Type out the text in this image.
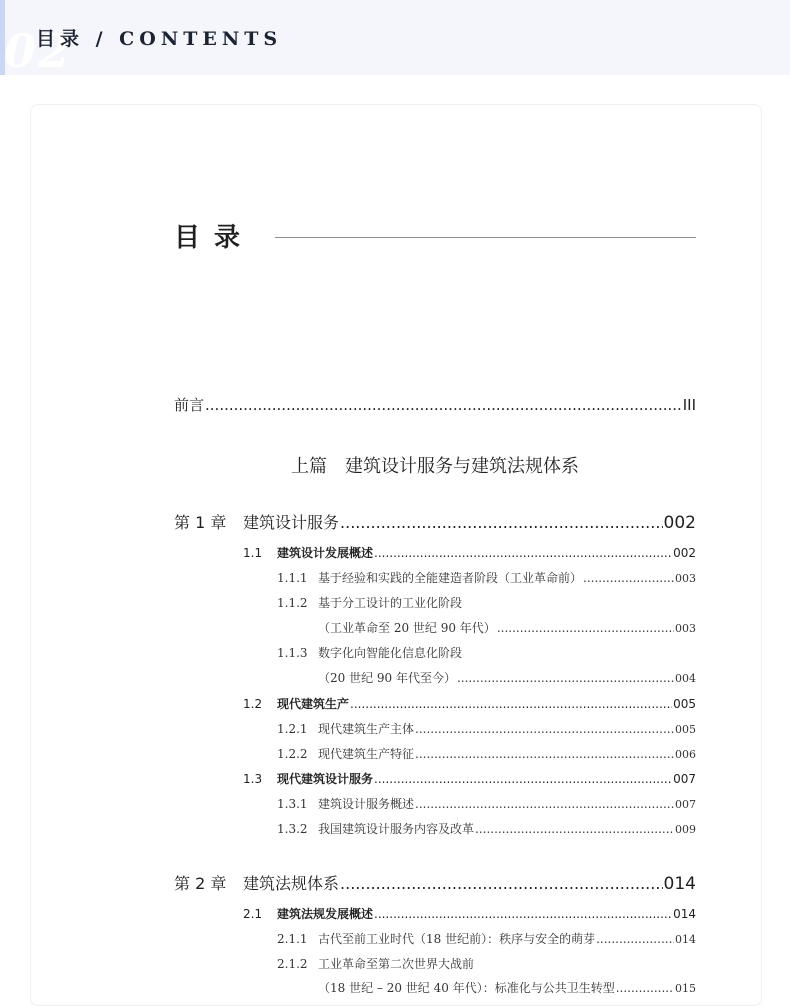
02
目录 / CONTENTS
目录
前言 .....	III
上篇　建筑设计服务与建筑法规体系
第 1 章	建筑设计服务 .....	002
1.1	建筑设计发展概述 .....	002
1.1.1 基于经验和实践的全能建造者阶段（工业革命前） .....	003
1.1.2 基于分工设计的工业化阶段
（工业革命至 20 世纪 90 年代） .....	003
1.1.3 数字化向智能化信息化阶段
（20 世纪 90 年代至今） .....	004
1.2	现代建筑生产 .....	005
1.2.1 现代建筑生产主体 .....	005
1.2.2 现代建筑生产特征 .....	006
1.3	现代建筑设计服务 .....	007
1.3.1 建筑设计服务概述 .....	007
1.3.2 我国建筑设计服务内容及改革 .....	009
第 2 章	建筑法规体系 .....	014
2.1	建筑法规发展概述 .....	014
2.1.1 古代至前工业时代（18 世纪前）：秩序与安全的萌芽 .....	014
2.1.2 工业革命至第二次世界大战前
（18 世纪 – 20 世纪 40 年代）：标准化与公共卫生转型 .....	015
